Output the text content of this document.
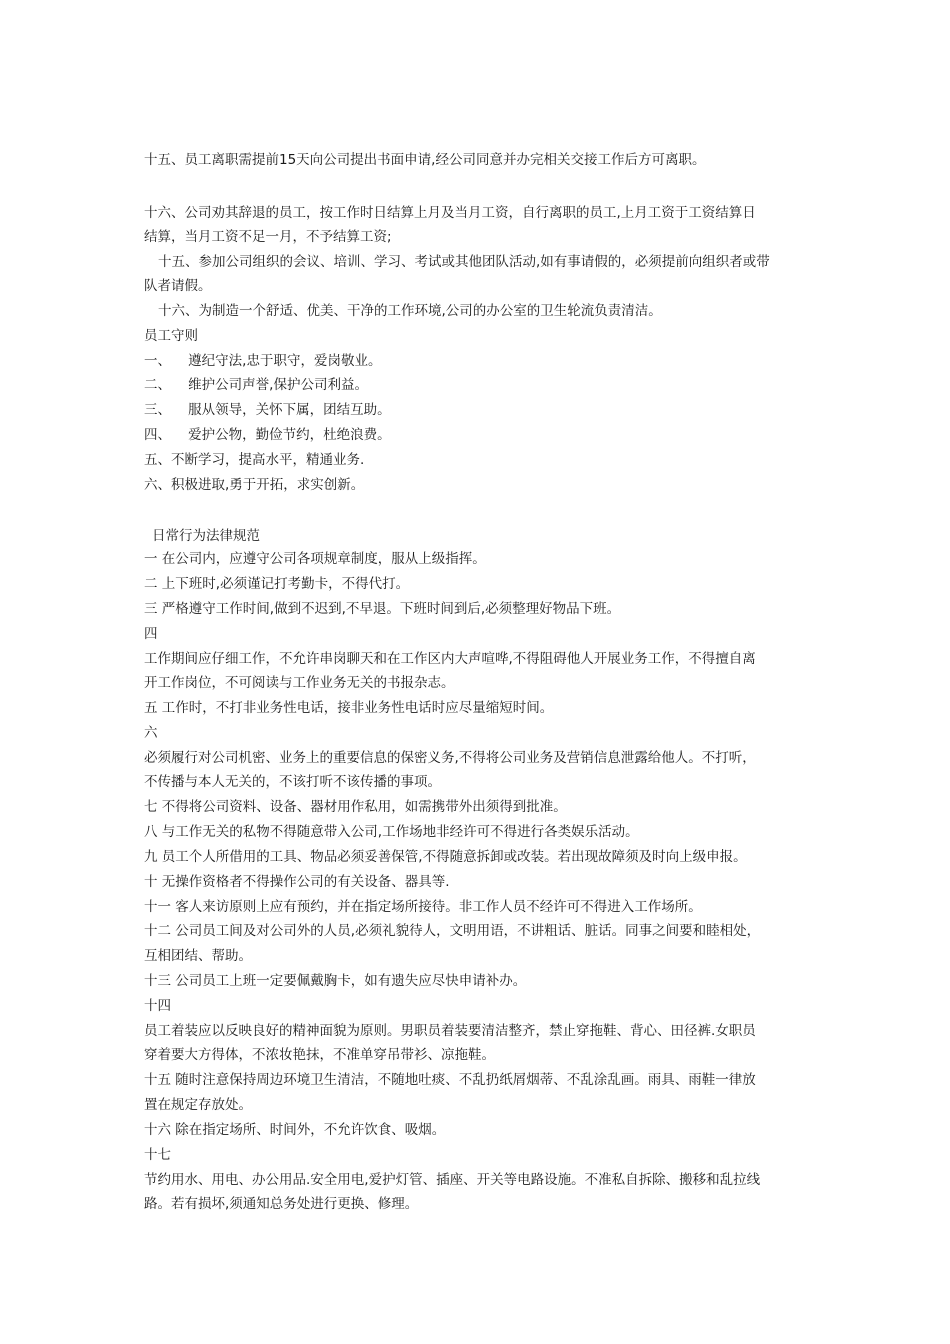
十五、员工离职需提前15天向公司提出书面申请,经公司同意并办完相关交接工作后方可离职。
十六、公司劝其辞退的员工，按工作时日结算上月及当月工资，自行离职的员工,上月工资于工资结算日
结算，当月工资不足一月，不予结算工资;
十五、参加公司组织的会议、培训、学习、考试或其他团队活动,如有事请假的，必须提前向组织者或带
队者请假。
十六、为制造一个舒适、优美、干净的工作环境,公司的办公室的卫生轮流负责清洁。
员工守则
一、    遵纪守法,忠于职守，爱岗敬业。
二、    维护公司声誉,保护公司利益。
三、    服从领导，关怀下属，团结互助。
四、    爱护公物，勤俭节约，杜绝浪费。
五、不断学习，提高水平，精通业务.
六、积极进取,勇于开拓，求实创新。
日常行为法律规范
一 在公司内，应遵守公司各项规章制度，服从上级指挥。
二 上下班时,必须谨记打考勤卡，不得代打。
三 严格遵守工作时间,做到不迟到,不早退。下班时间到后,必须整理好物品下班。
四
工作期间应仔细工作，不允许串岗聊天和在工作区内大声喧哗,不得阻碍他人开展业务工作，不得擅自离
开工作岗位，不可阅读与工作业务无关的书报杂志。
五 工作时，不打非业务性电话，接非业务性电话时应尽量缩短时间。
六
必须履行对公司机密、业务上的重要信息的保密义务,不得将公司业务及营销信息泄露给他人。不打听，
不传播与本人无关的，不该打听不该传播的事项。
七 不得将公司资料、设备、器材用作私用，如需携带外出须得到批准。
八 与工作无关的私物不得随意带入公司,工作场地非经许可不得进行各类娱乐活动。
九 员工个人所借用的工具、物品必须妥善保管,不得随意拆卸或改装。若出现故障须及时向上级申报。
十 无操作资格者不得操作公司的有关设备、器具等.
十一 客人来访原则上应有预约，并在指定场所接待。非工作人员不经许可不得进入工作场所。
十二 公司员工间及对公司外的人员,必须礼貌待人，文明用语，不讲粗话、脏话。同事之间要和睦相处，
互相团结、帮助。
十三 公司员工上班一定要佩戴胸卡，如有遗失应尽快申请补办。
十四
员工着装应以反映良好的精神面貌为原则。男职员着装要清洁整齐，禁止穿拖鞋、背心、田径裤.女职员
穿着要大方得体，不浓妆艳抹，不准单穿吊带衫、凉拖鞋。
十五 随时注意保持周边环境卫生清洁，不随地吐痰、不乱扔纸屑烟蒂、不乱涂乱画。雨具、雨鞋一律放
置在规定存放处。
十六 除在指定场所、时间外，不允许饮食、吸烟。
十七
节约用水、用电、办公用品.安全用电,爱护灯管、插座、开关等电路设施。不准私自拆除、搬移和乱拉线
路。若有损坏,须通知总务处进行更换、修理。
